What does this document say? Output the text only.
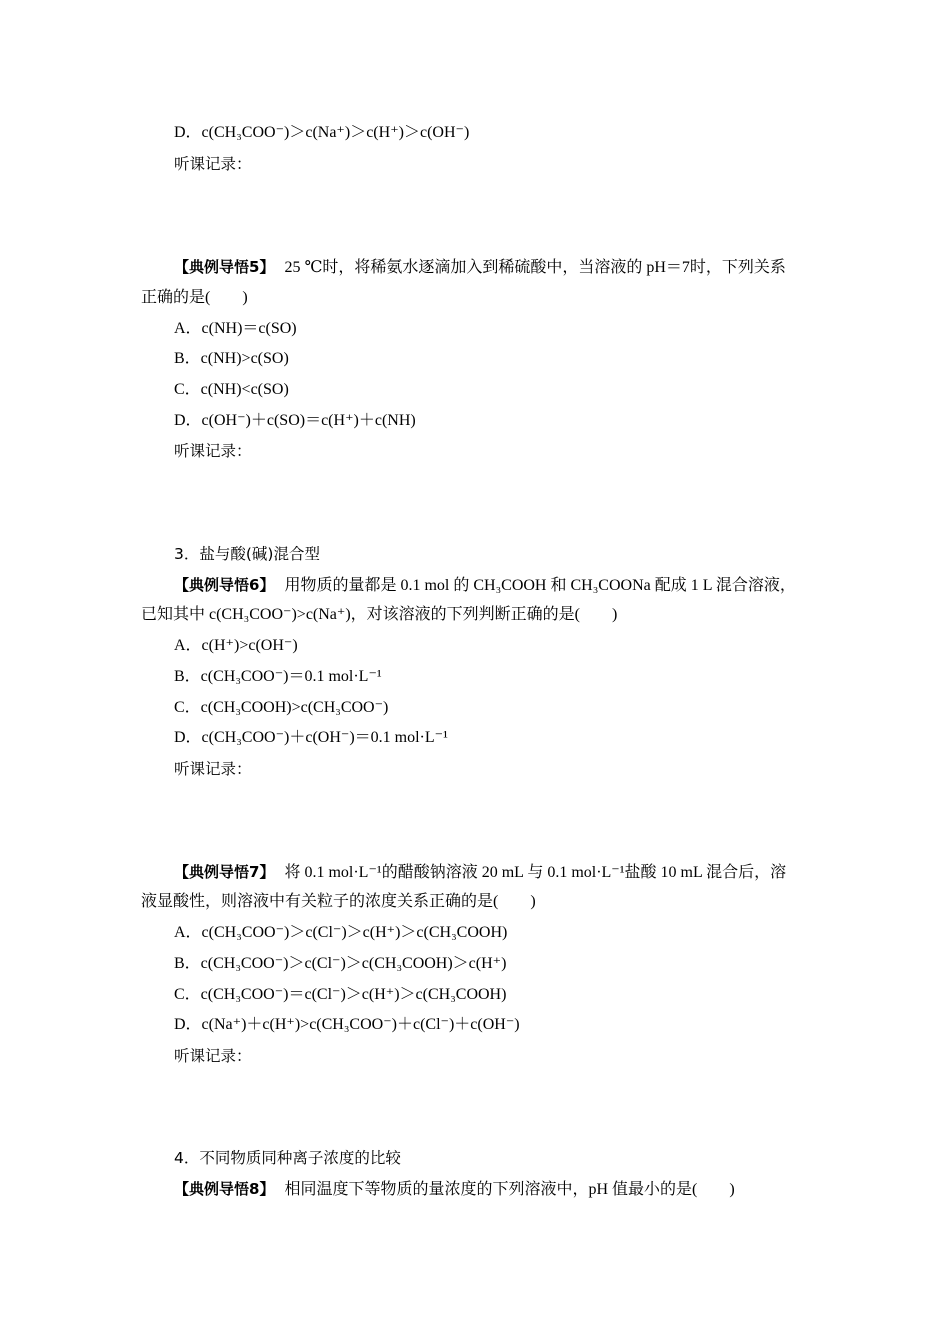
D．c(CH₃COO⁻)＞c(Na⁺)＞c(H⁺)＞c(OH⁻)
听课记录：
【典例导悟5】 25 ℃时，将稀氨水逐滴加入到稀硫酸中，当溶液的 pH＝7时，下列关系
正确的是(　　)
A．c(NH)＝c(SO)
B．c(NH)>c(SO)
C．c(NH)<c(SO)
D．c(OH⁻)＋c(SO)＝c(H⁺)＋c(NH)
听课记录：
3．盐与酸(碱)混合型
【典例导悟6】 用物质的量都是 0.1 mol 的 CH₃COOH 和 CH₃COONa 配成 1 L 混合溶液，
已知其中 c(CH₃COO⁻)>c(Na⁺)，对该溶液的下列判断正确的是(　　)
A．c(H⁺)>c(OH⁻)
B．c(CH₃COO⁻)＝0.1 mol·L⁻¹
C．c(CH₃COOH)>c(CH₃COO⁻)
D．c(CH₃COO⁻)＋c(OH⁻)＝0.1 mol·L⁻¹
听课记录：
【典例导悟7】 将 0.1 mol·L⁻¹的醋酸钠溶液 20 mL 与 0.1 mol·L⁻¹盐酸 10 mL 混合后，溶
液显酸性，则溶液中有关粒子的浓度关系正确的是(　　)
A．c(CH₃COO⁻)＞c(Cl⁻)＞c(H⁺)＞c(CH₃COOH)
B．c(CH₃COO⁻)＞c(Cl⁻)＞c(CH₃COOH)＞c(H⁺)
C．c(CH₃COO⁻)＝c(Cl⁻)＞c(H⁺)＞c(CH₃COOH)
D．c(Na⁺)＋c(H⁺)>c(CH₃COO⁻)＋c(Cl⁻)＋c(OH⁻)
听课记录：
4．不同物质同种离子浓度的比较
【典例导悟8】 相同温度下等物质的量浓度的下列溶液中，pH 值最小的是(　　)
